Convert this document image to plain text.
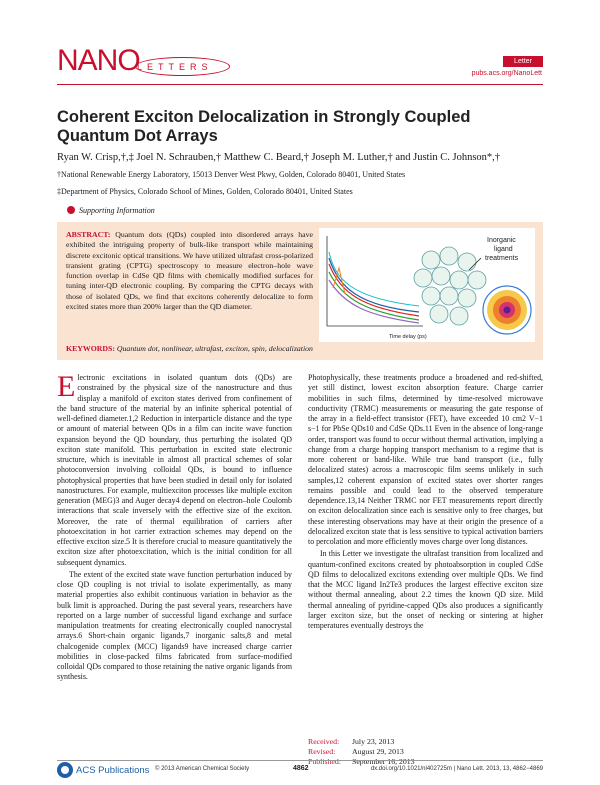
NANO
LETTERS
Letter
pubs.acs.org/NanoLett
Coherent Exciton Delocalization in Strongly Coupled Quantum Dot Arrays
Ryan W. Crisp,†,‡ Joel N. Schrauben,† Matthew C. Beard,† Joseph M. Luther,† and Justin C. Johnson*,†
†National Renewable Energy Laboratory, 15013 Denver West Pkwy, Golden, Colorado 80401, United States
‡Department of Physics, Colorado School of Mines, Golden, Colorado 80401, United States
Supporting Information
ABSTRACT: Quantum dots (QDs) coupled into disordered arrays have exhibited the intriguing property of bulk-like transport while maintaining discrete excitonic optical transitions. We have utilized ultrafast cross-polarized transient grating (CPTG) spectroscopy to measure electron–hole wave function overlap in CdSe QD films with chemically modified surfaces for tuning inter-QD electronic coupling. By comparing the CPTG decays with those of isolated QDs, we find that excitons coherently delocalize to form excited states more than 200% larger than the QD diameter.
Time delay (ps)
Inorganic
ligand
treatments
KEYWORDS: Quantum dot, nonlinear, ultrafast, exciton, spin, delocalization

Electronic excitations in isolated quantum dots (QDs) are constrained by the physical size of the nanostructure and thus display a manifold of exciton states derived from confinement of the band structure of the material by an infinite spherical potential of well-defined diameter.1,2 Reduction in interparticle distance and the type or amount of material between QDs in a film can incite wave function expansion beyond the QD boundary, thus perturbing the isolated QD exciton state manifold. This perturbation in excited state electronic structure, which is inevitable in almost all practical schemes of solar photoconversion involving colloidal QDs, is bound to influence photophysical properties that have been studied in detail only for isolated nanostructures. For example, multiexciton processes like multiple exciton generation (MEG)3 and Auger decay4 depend on electron–hole Coulomb interactions that scale inversely with the effective size of the exciton. Moreover, the rate of thermal equilibration of carriers after photoexcitation in hot carrier extraction schemes may depend on the effective exciton size.5 It is therefore crucial to measure quantitatively the exciton size after photoexcitation, which is the initial condition for all subsequent dynamics.

The extent of the excited state wave function perturbation induced by close QD coupling is not trivial to isolate experimentally, as many material properties also exhibit continuous variation in behavior as the bulk limit is approached. During the past several years, researchers have reported on a large number of successful ligand exchange and surface manipulation treatments for creating electronically coupled nanocrystal arrays.6 Short-chain organic ligands,7 inorganic salts,8 and metal chalcogenide complex (MCC) ligands9 have increased charge carrier mobilities in close-packed films fabricated from surface-modified colloidal QDs compared to those retaining the native organic ligands from synthesis.

Photophysically, these treatments produce a broadened and red-shifted, yet still distinct, lowest exciton absorption feature. Charge carrier mobilities in such films, determined by time-resolved microwave conductivity (TRMC) measurements or measuring the gate response of the array in a field-effect transistor (FET), have exceeded 10 cm2 V−1 s−1 for PbSe QDs10 and CdSe QDs.11 Even in the absence of long-range order, transport was found to occur without thermal activation, implying a change from a charge hopping transport mechanism to a regime that is more coherent or band-like. While true band transport (i.e., fully delocalized states) across a macroscopic film seems unlikely in such samples,12 coherent expansion of excited states over shorter ranges remains possible and could lead to the observed temperature dependence.13,14 Neither TRMC nor FET measurements report directly on exciton delocalization since each is sensitive only to free charges, but these interesting observations may have at their origin the presence of a delocalized exciton state that is less sensitive to typical activation barriers to percolation and more efficiently moves charge over long distances.

In this Letter we investigate the ultrafast transition from localized and quantum-confined excitons created by photoabsorption in coupled CdSe QD films to delocalized excitons extending over multiple QDs. We find that the MCC ligand In2Te3 produces the largest effective exciton size without thermal annealing, about 2.2 times the known QD size. Mild thermal annealing of pyridine-capped QDs also produces a significantly larger exciton size, but the onset of necking or sintering at higher temperatures eventually destroys the

Received: July 23, 2013
Revised: August 29, 2013
Published: September 16, 2013
ACS Publications © 2013 American Chemical Society	4862	dx.doi.org/10.1021/nl402725m | Nano Lett. 2013, 13, 4862−4869
